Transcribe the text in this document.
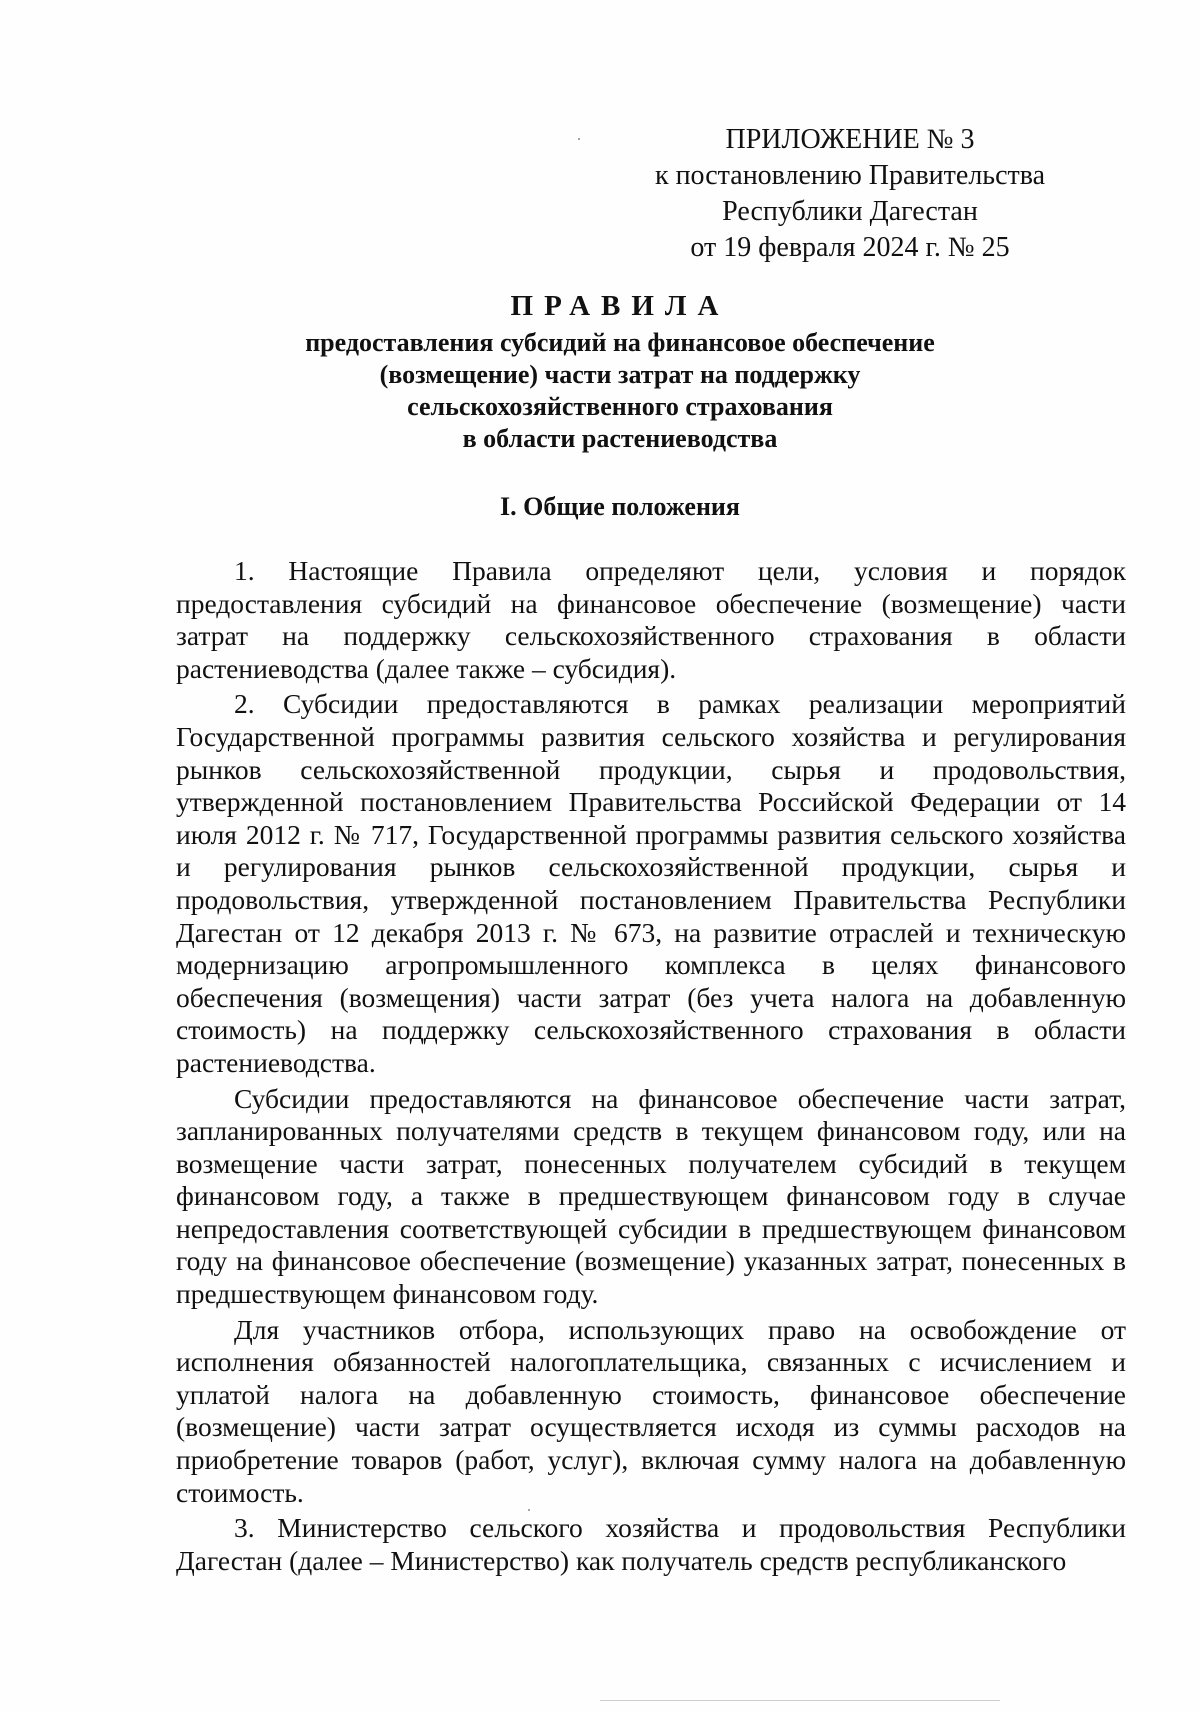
ПРИЛОЖЕНИЕ № 3
к постановлению Правительства
Республики Дагестан
от 19 февраля 2024 г. № 25
ПРАВИЛА
предоставления субсидий на финансовое обеспечение
(возмещение) части затрат на поддержку
сельскохозяйственного страхования
в области растениеводства
I. Общие положения

1. Настоящие Правила определяют цели, условия и порядок предоставления субсидий на финансовое обеспечение (возмещение) части затрат на поддержку сельскохозяйственного страхования в области растениеводства (далее также – субсидия).

2. Субсидии предоставляются в рамках реализации мероприятий Государственной программы развития сельского хозяйства и регулирования рынков сельскохозяйственной продукции, сырья и продовольствия, утвержденной постановлением Правительства Российской Федерации от 14 июля 2012 г. № 717, Государственной программы развития сельского хозяйства и регулирования рынков сельскохозяйственной продукции, сырья и продовольствия, утвержденной постановлением Правительства Республики Дагестан от 12 декабря 2013 г. № 673, на развитие отраслей и техническую модернизацию агропромышленного комплекса в целях финансового обеспечения (возмещения) части затрат (без учета налога на добавленную стоимость) на поддержку сельскохозяйственного страхования в области растениеводства.

Субсидии предоставляются на финансовое обеспечение части затрат, запланированных получателями средств в текущем финансовом году, или на возмещение части затрат, понесенных получателем субсидий в текущем финансовом году, а также в предшествующем финансовом году в случае непредоставления соответствующей субсидии в предшествующем финансовом году на финансовое обеспечение (возмещение) указанных затрат, понесенных в предшествующем финансовом году.

Для участников отбора, использующих право на освобождение от исполнения обязанностей налогоплательщика, связанных с исчислением и уплатой налога на добавленную стоимость, финансовое обеспечение (возмещение) части затрат осуществляется исходя из суммы расходов на приобретение товаров (работ, услуг), включая сумму налога на добавленную стоимость.

3. Министерство сельского хозяйства и продовольствия Республики Дагестан (далее – Министерство) как получатель средств республиканского
